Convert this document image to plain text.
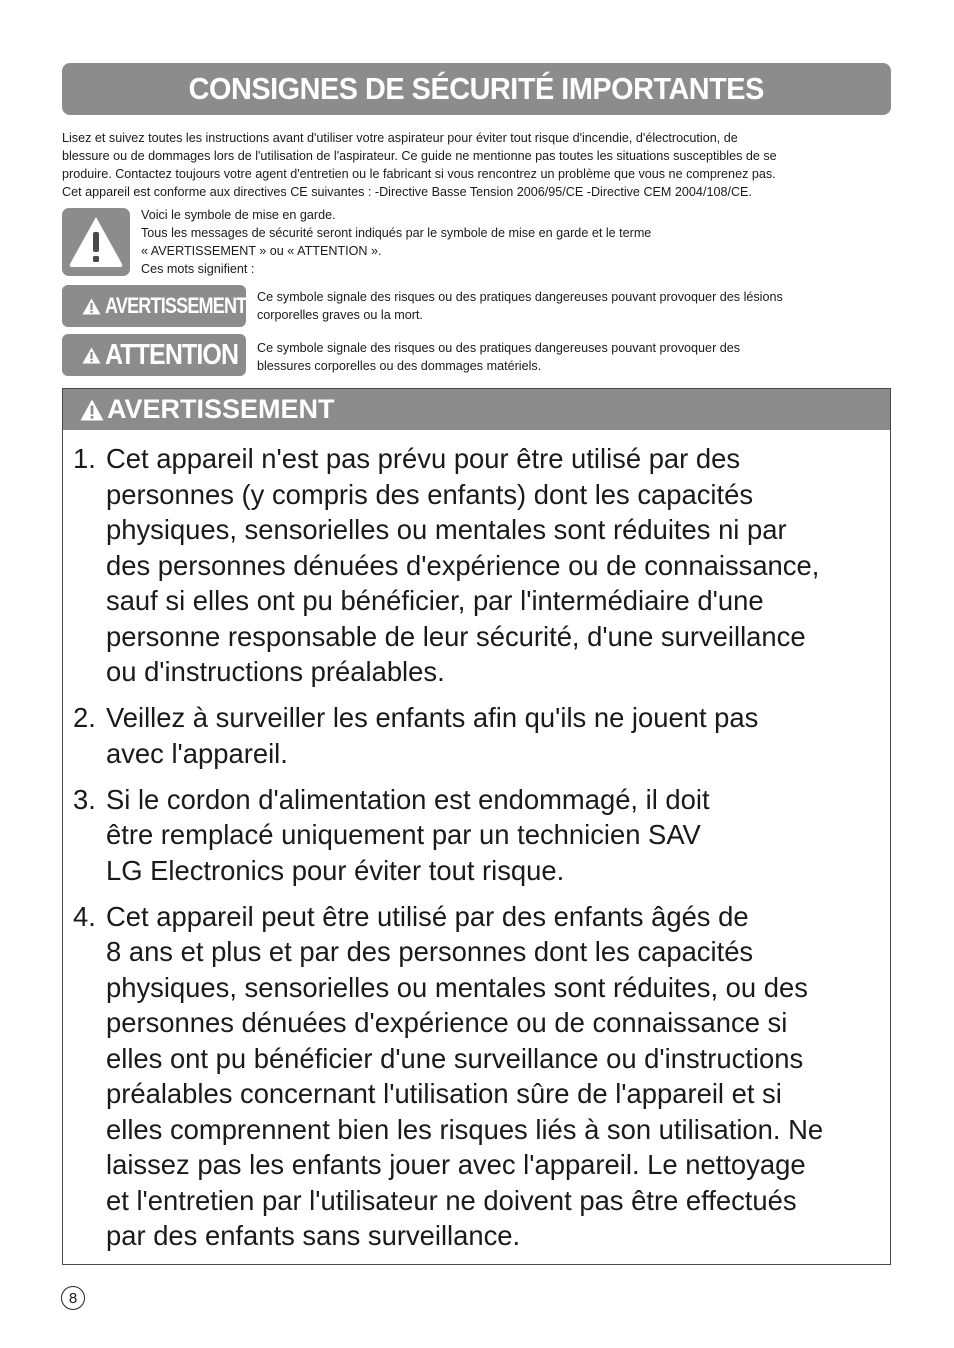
CONSIGNES DE SÉCURITÉ IMPORTANTES
Lisez et suivez toutes les instructions avant d'utiliser votre aspirateur pour éviter tout risque d'incendie, d'électrocution, de
blessure ou de dommages lors de l'utilisation de l'aspirateur. Ce guide ne mentionne pas toutes les situations susceptibles de se
produire. Contactez toujours votre agent d'entretien ou le fabricant si vous rencontrez un problème que vous ne comprenez pas.
Cet appareil est conforme aux directives CE suivantes : -Directive Basse Tension 2006/95/CE -Directive CEM 2004/108/CE.
Voici le symbole de mise en garde.
Tous les messages de sécurité seront indiqués par le symbole de mise en garde et le terme
« AVERTISSEMENT » ou « ATTENTION ».
Ces mots signifient :
AVERTISSEMENT Ce symbole signale des risques ou des pratiques dangereuses pouvant provoquer des lésions
corporelles graves ou la mort.
ATTENTION Ce symbole signale des risques ou des pratiques dangereuses pouvant provoquer des
blessures corporelles ou des dommages matériels.
AVERTISSEMENT
1. Cet appareil n'est pas prévu pour être utilisé par des
personnes (y compris des enfants) dont les capacités
physiques, sensorielles ou mentales sont réduites ni par
des personnes dénuées d'expérience ou de connaissance,
sauf si elles ont pu bénéficier, par l'intermédiaire d'une
personne responsable de leur sécurité, d'une surveillance
ou d'instructions préalables.
2. Veillez à surveiller les enfants afin qu'ils ne jouent pas
avec l'appareil.
3. Si le cordon d'alimentation est endommagé, il doit
être remplacé uniquement par un technicien SAV
LG Electronics pour éviter tout risque.
4. Cet appareil peut être utilisé par des enfants âgés de
8 ans et plus et par des personnes dont les capacités
physiques, sensorielles ou mentales sont réduites, ou des
personnes dénuées d'expérience ou de connaissance si
elles ont pu bénéficier d'une surveillance ou d'instructions
préalables concernant l'utilisation sûre de l'appareil et si
elles comprennent bien les risques liés à son utilisation. Ne
laissez pas les enfants jouer avec l'appareil. Le nettoyage
et l'entretien par l'utilisateur ne doivent pas être effectués
par des enfants sans surveillance.
8
